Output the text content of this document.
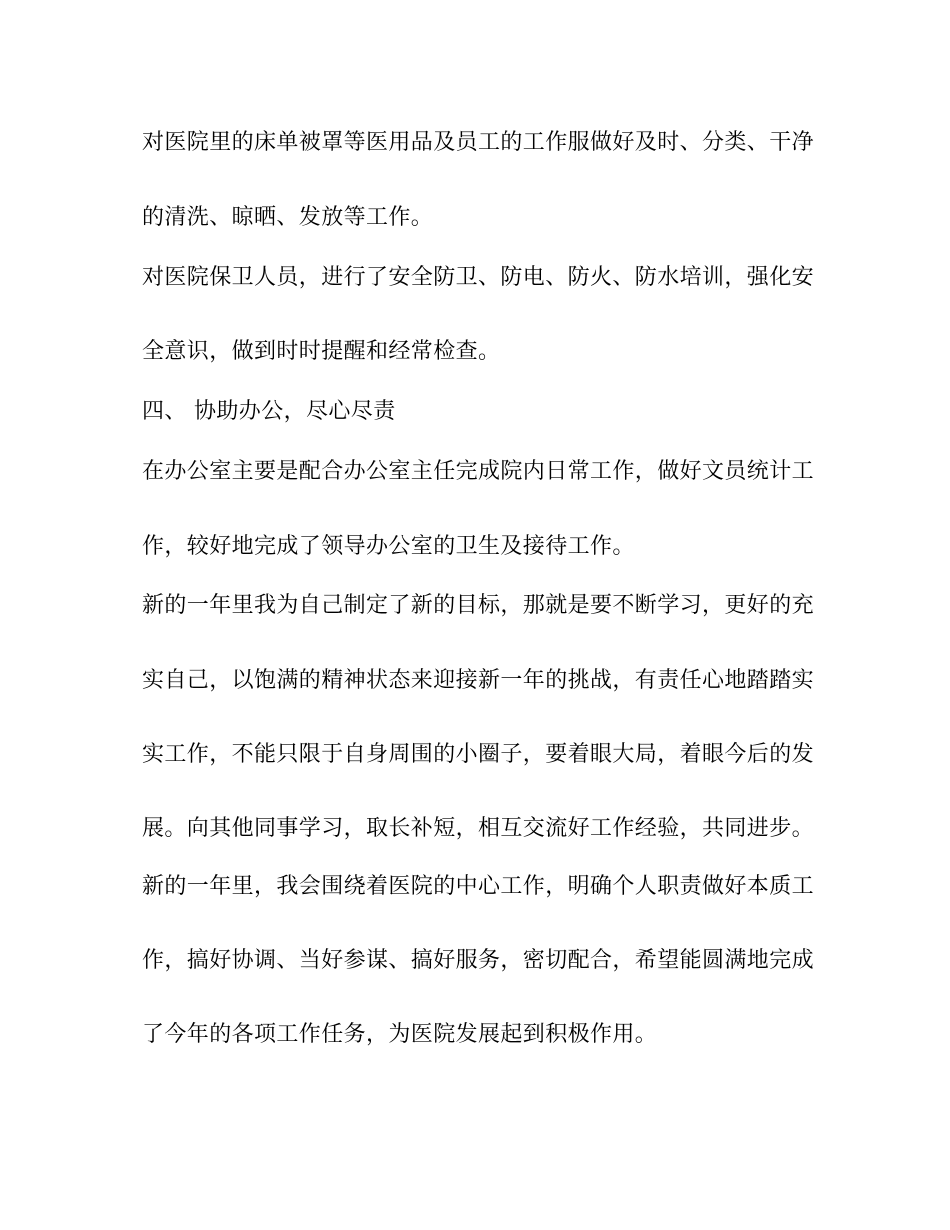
对医院里的床单被罩等医用品及员工的工作服做好及时、分类、干净
的清洗、晾晒、发放等工作。
对医院保卫人员，进行了安全防卫、防电、防火、防水培训，强化安
全意识，做到时时提醒和经常检查。
四、 协助办公，尽心尽责
在办公室主要是配合办公室主任完成院内日常工作，做好文员统计工
作，较好地完成了领导办公室的卫生及接待工作。
新的一年里我为自己制定了新的目标，那就是要不断学习，更好的充
实自己，以饱满的精神状态来迎接新一年的挑战，有责任心地踏踏实
实工作，不能只限于自身周围的小圈子，要着眼大局，着眼今后的发
展。向其他同事学习，取长补短，相互交流好工作经验，共同进步。
新的一年里，我会围绕着医院的中心工作，明确个人职责做好本质工
作，搞好协调、当好参谋、搞好服务，密切配合，希望能圆满地完成
了今年的各项工作任务，为医院发展起到积极作用。
